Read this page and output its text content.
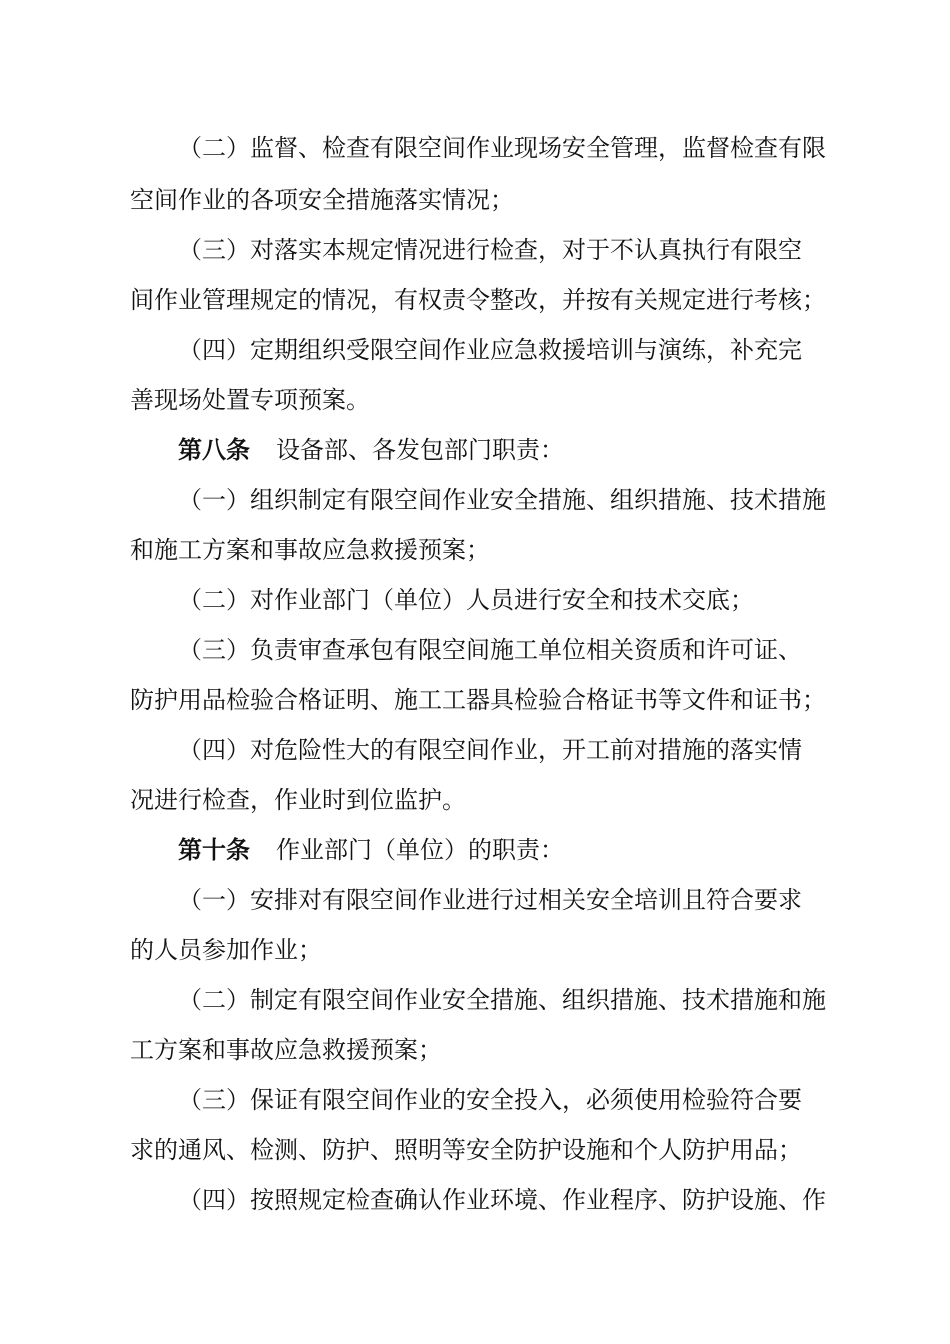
（二）监督、检查有限空间作业现场安全管理，监督检查有限
空间作业的各项安全措施落实情况；
（三）对落实本规定情况进行检查，对于不认真执行有限空
间作业管理规定的情况，有权责令整改，并按有关规定进行考核；
（四）定期组织受限空间作业应急救援培训与演练，补充完
善现场处置专项预案。
第八条 设备部、各发包部门职责：
（一）组织制定有限空间作业安全措施、组织措施、技术措施
和施工方案和事故应急救援预案；
（二）对作业部门（单位）人员进行安全和技术交底；
（三）负责审查承包有限空间施工单位相关资质和许可证、
防护用品检验合格证明、施工工器具检验合格证书等文件和证书；
（四）对危险性大的有限空间作业，开工前对措施的落实情
况进行检查，作业时到位监护。
第十条 作业部门（单位）的职责：
（一）安排对有限空间作业进行过相关安全培训且符合要求
的人员参加作业；
（二）制定有限空间作业安全措施、组织措施、技术措施和施
工方案和事故应急救援预案；
（三）保证有限空间作业的安全投入，必须使用检验符合要
求的通风、检测、防护、照明等安全防护设施和个人防护用品；
（四）按照规定检查确认作业环境、作业程序、防护设施、作
